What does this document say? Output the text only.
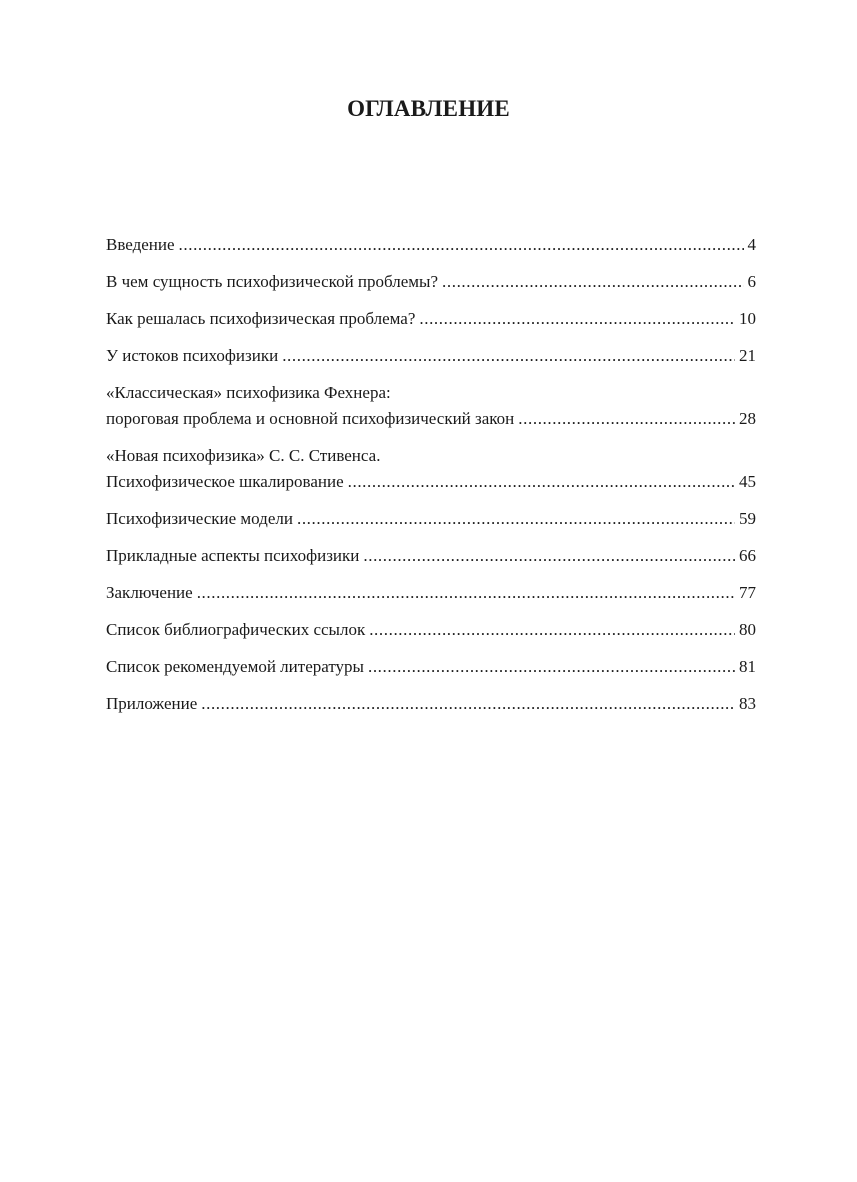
ОГЛАВЛЕНИЕ
Введение .....	4
В чем сущность психофизической проблемы? .....	6
Как решалась психофизическая проблема? .....	10
У истоков психофизики .....	21
«Классическая» психофизика Фехнера:
пороговая проблема и основной психофизический закон .....	28
«Новая психофизика» С. С. Стивенса.
Психофизическое шкалирование .....	45
Психофизические модели .....	59
Прикладные аспекты психофизики .....	66
Заключение .....	77
Список библиографических ссылок .....	80
Список рекомендуемой литературы .....	81
Приложение .....	83
